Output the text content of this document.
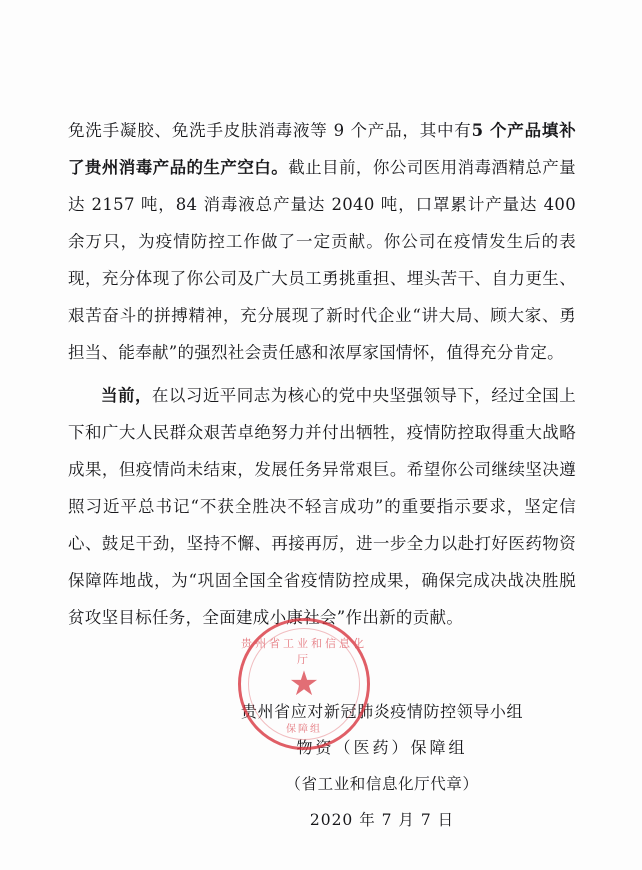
免洗手凝胶、免洗手皮肤消毒液等 9 个产品，其中有5 个产品填补了贵州消毒产品的生产空白。截止目前，你公司医用消毒酒精总产量达 2157 吨，84 消毒液总产量达 2040 吨，口罩累计产量达 400 余万只，为疫情防控工作做了一定贡献。你公司在疫情发生后的表现，充分体现了你公司及广大员工勇挑重担、埋头苦干、自力更生、艰苦奋斗的拼搏精神，充分展现了新时代企业“讲大局、顾大家、勇担当、能奉献”的强烈社会责任感和浓厚家国情怀，值得充分肯定。

当前，在以习近平同志为核心的党中央坚强领导下，经过全国上下和广大人民群众艰苦卓绝努力并付出牺牲，疫情防控取得重大战略成果，但疫情尚未结束，发展任务异常艰巨。希望你公司继续坚决遵照习近平总书记“不获全胜决不轻言成功”的重要指示要求，坚定信心、鼓足干劲，坚持不懈、再接再厉，进一步全力以赴打好医药物资保障阵地战，为“巩固全国全省疫情防控成果，确保完成决战决胜脱贫攻坚目标任务，全面建成小康社会”作出新的贡献。

贵州省应对新冠肺炎疫情防控领导小组
物资（医药）保障组
（省工业和信息化厅代章）
2020 年 7 月 7 日
贵州省工业和信息化厅
★
保障组
